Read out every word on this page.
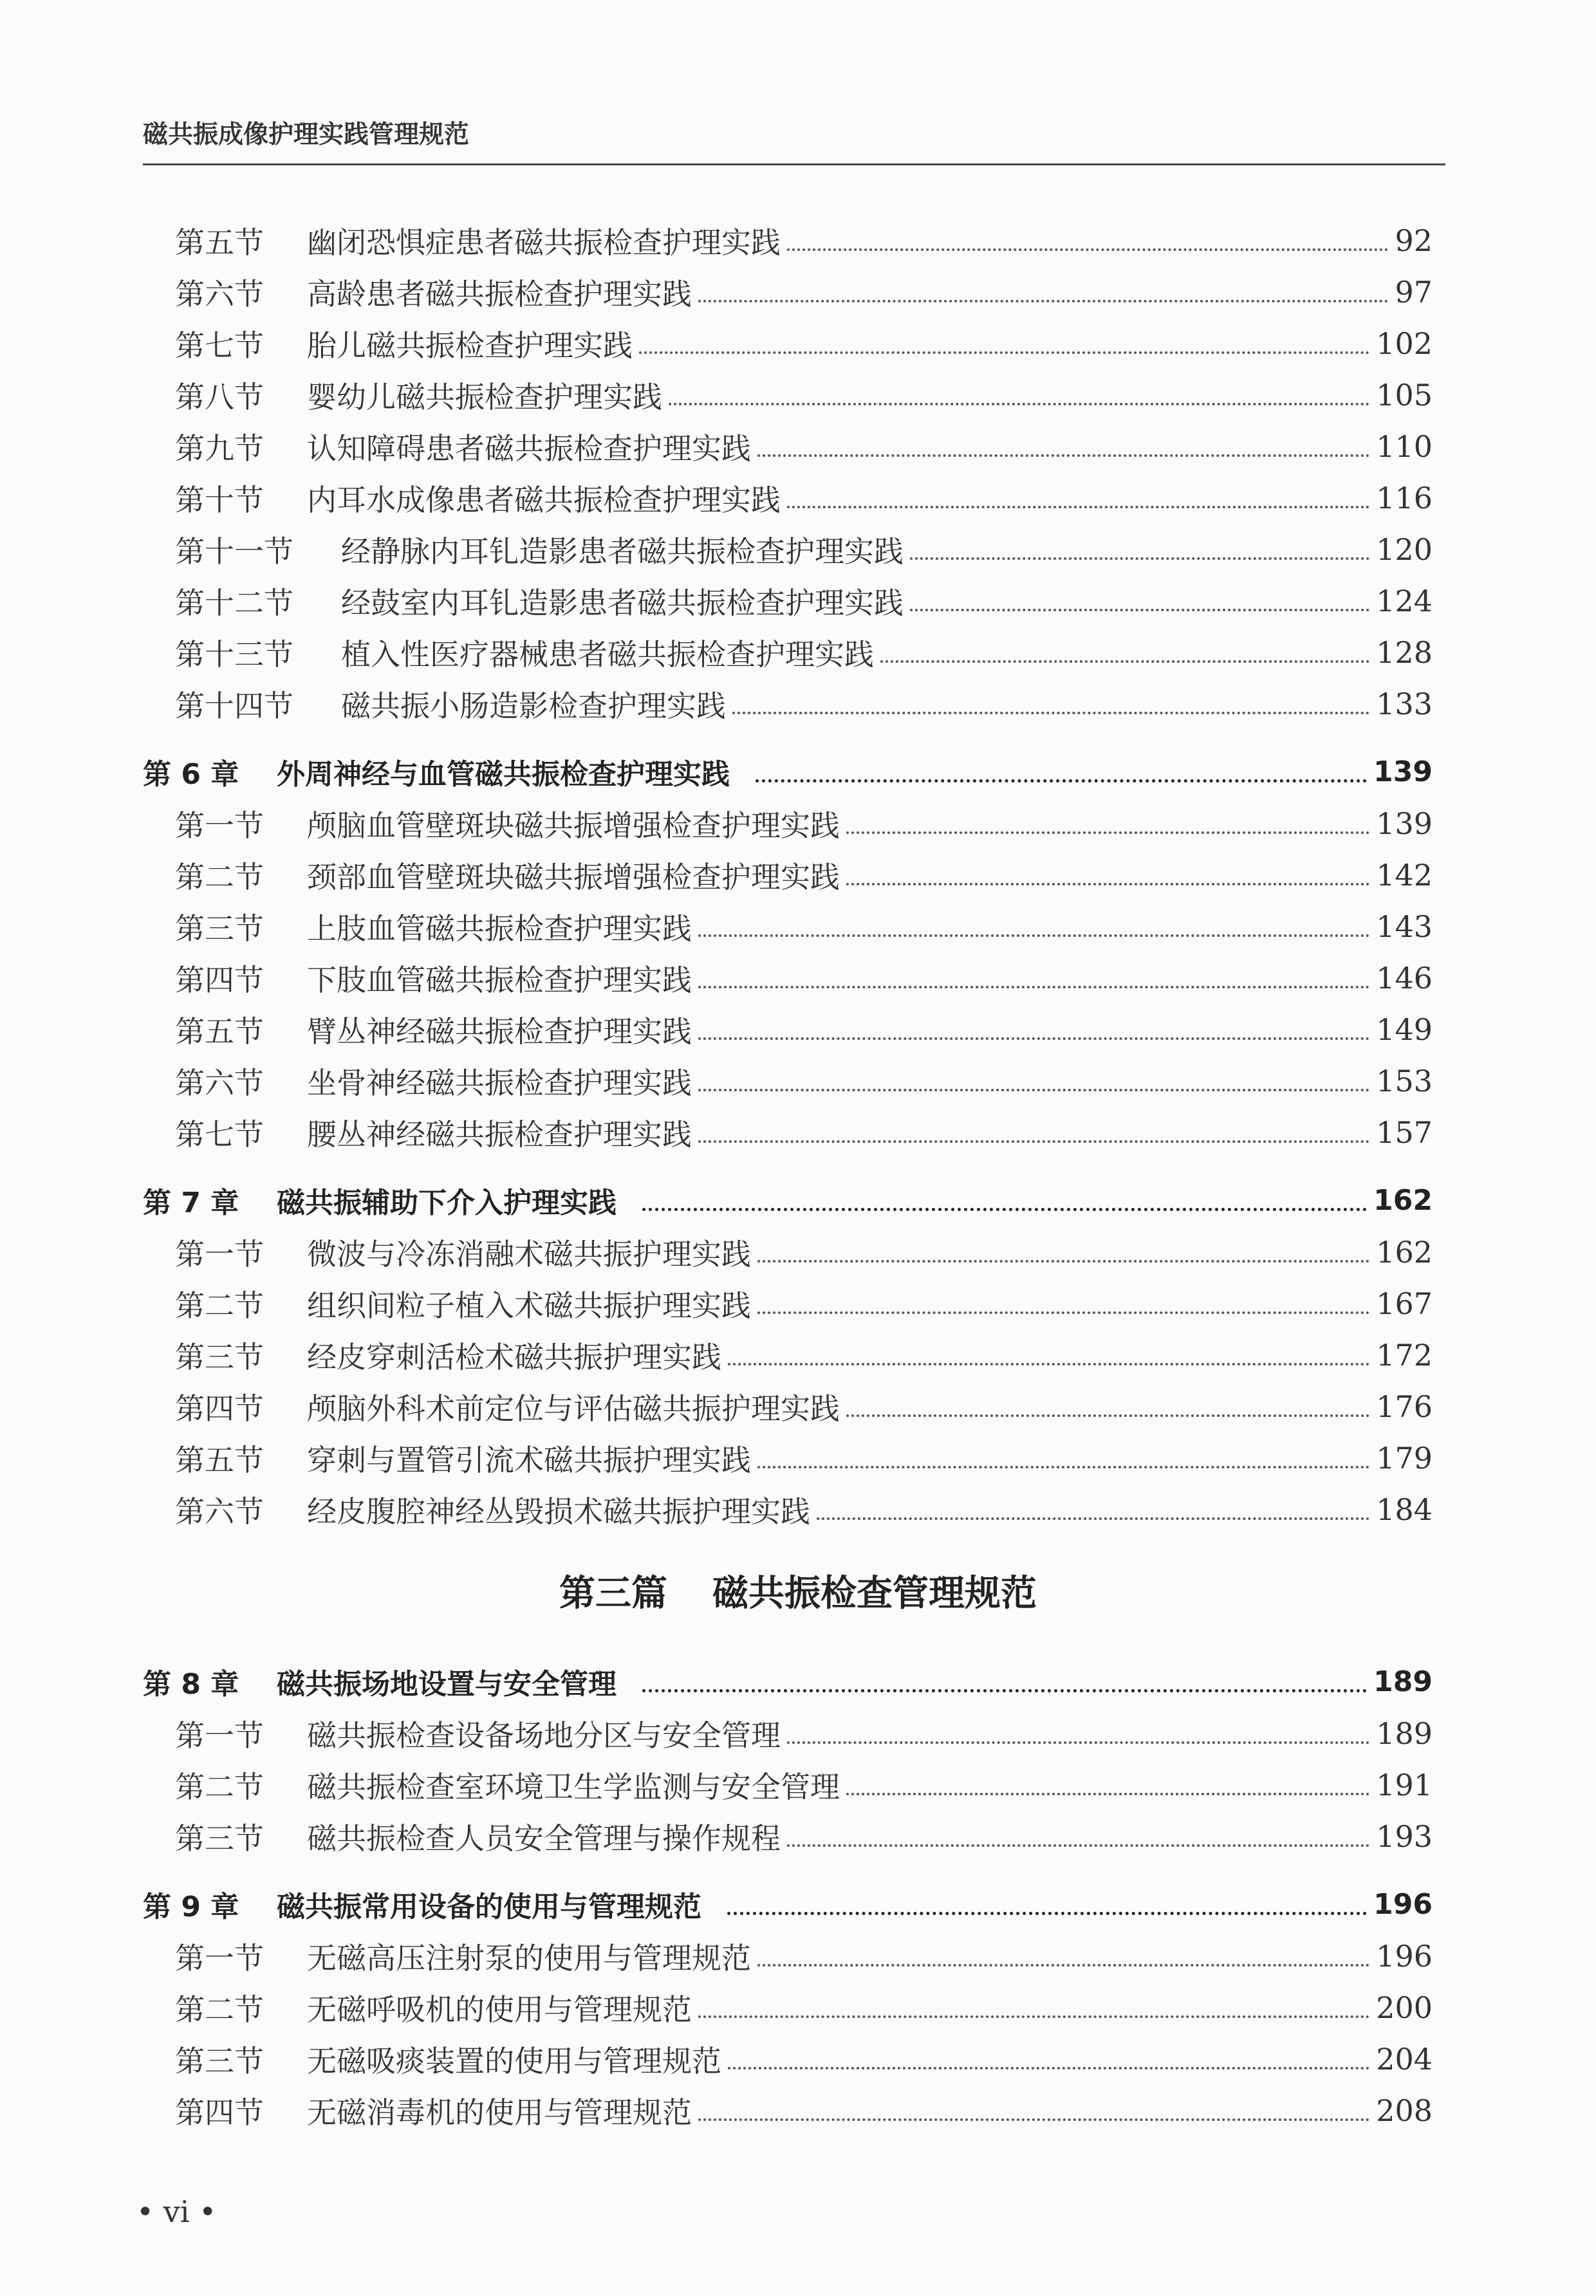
磁共振成像护理实践管理规范
第五节	幽闭恐惧症患者磁共振检查护理实践	92
第六节	高龄患者磁共振检查护理实践	97
第七节	胎儿磁共振检查护理实践	102
第八节	婴幼儿磁共振检查护理实践	105
第九节	认知障碍患者磁共振检查护理实践	110
第十节	内耳水成像患者磁共振检查护理实践	116
第十一节	经静脉内耳钆造影患者磁共振检查护理实践	120
第十二节	经鼓室内耳钆造影患者磁共振检查护理实践	124
第十三节	植入性医疗器械患者磁共振检查护理实践	128
第十四节	磁共振小肠造影检查护理实践	133
第 6 章	外周神经与血管磁共振检查护理实践	139
第一节	颅脑血管壁斑块磁共振增强检查护理实践	139
第二节	颈部血管壁斑块磁共振增强检查护理实践	142
第三节	上肢血管磁共振检查护理实践	143
第四节	下肢血管磁共振检查护理实践	146
第五节	臂丛神经磁共振检查护理实践	149
第六节	坐骨神经磁共振检查护理实践	153
第七节	腰丛神经磁共振检查护理实践	157
第 7 章	磁共振辅助下介入护理实践	162
第一节	微波与冷冻消融术磁共振护理实践	162
第二节	组织间粒子植入术磁共振护理实践	167
第三节	经皮穿刺活检术磁共振护理实践	172
第四节	颅脑外科术前定位与评估磁共振护理实践	176
第五节	穿刺与置管引流术磁共振护理实践	179
第六节	经皮腹腔神经丛毁损术磁共振护理实践	184
第三篇 磁共振检查管理规范
第 8 章	磁共振场地设置与安全管理	189
第一节	磁共振检查设备场地分区与安全管理	189
第二节	磁共振检查室环境卫生学监测与安全管理	191
第三节	磁共振检查人员安全管理与操作规程	193
第 9 章	磁共振常用设备的使用与管理规范	196
第一节	无磁高压注射泵的使用与管理规范	196
第二节	无磁呼吸机的使用与管理规范	200
第三节	无磁吸痰装置的使用与管理规范	204
第四节	无磁消毒机的使用与管理规范	208
• vi •
